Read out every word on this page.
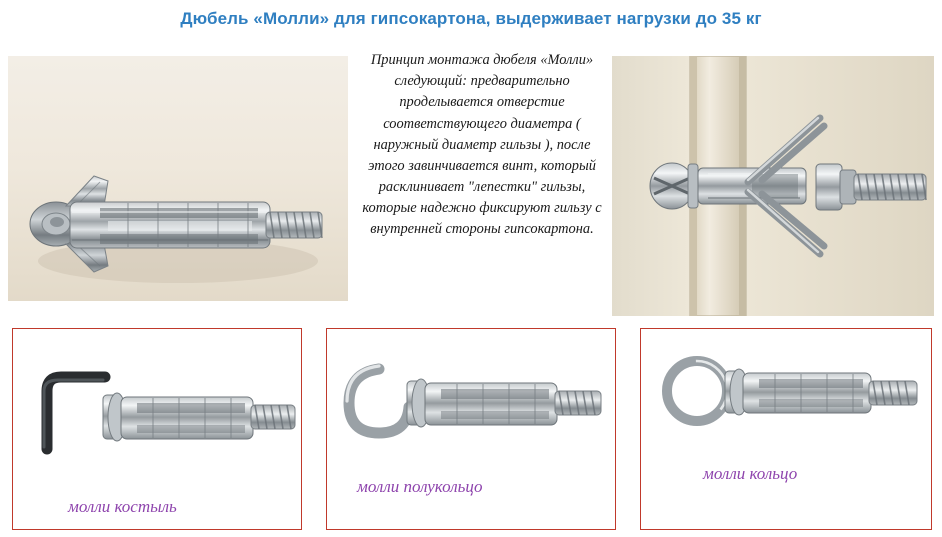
Дюбель «Молли» для гипсокартона, выдерживает нагрузки до 35 кг
Принцип монтажа дюбеля «Молли» следующий: предварительно проделывается отверстие соответствующего диаметра ( наружный диаметр гильзы ), после этого завинчивается винт, который расклинивает "лепестки" гильзы, которые надежно фиксируют гильзу с внутренней стороны гипсокартона.
молли костыль
молли полукольцо
молли кольцо
